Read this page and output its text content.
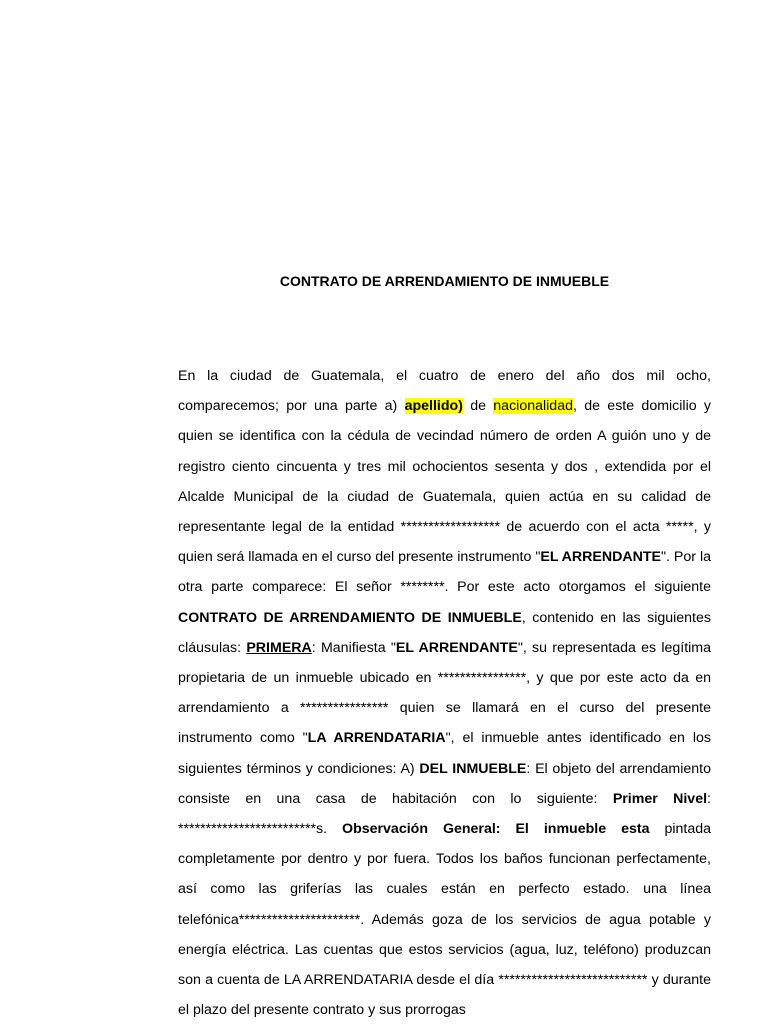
CONTRATO DE ARRENDAMIENTO DE INMUEBLE
En la ciudad de Guatemala, el cuatro de enero del año dos mil ocho, comparecemos; por una parte a) apellido) de nacionalidad, de este domicilio y quien se identifica con la cédula de vecindad número de orden A guión uno y de registro ciento cincuenta y tres mil ochocientos sesenta y dos , extendida por el Alcalde Municipal de la ciudad de Guatemala, quien actúa en su calidad de representante legal de la entidad ****************** de acuerdo con el acta *****, y quien será llamada en el curso del presente instrumento "EL ARRENDANTE". Por la otra parte comparece: El señor ********. Por este acto otorgamos el siguiente CONTRATO DE ARRENDAMIENTO DE INMUEBLE, contenido en las siguientes cláusulas: PRIMERA: Manifiesta "EL ARRENDANTE", su representada es legítima propietaria de un inmueble ubicado en ****************, y que por este acto da en arrendamiento a **************** quien se llamará en el curso del presente instrumento como "LA ARRENDATARIA", el inmueble antes identificado en los siguientes términos y condiciones: A) DEL INMUEBLE: El objeto del arrendamiento consiste en una casa de habitación con lo siguiente: Primer Nivel: *************************s. Observación General: El inmueble esta pintada completamente por dentro y por fuera. Todos los baños funcionan perfectamente, así como las griferías las cuales están en perfecto estado. una línea telefónica**********************. Además goza de los servicios de agua potable y energía eléctrica. Las cuentas que estos servicios (agua, luz, teléfono) produzcan son a cuenta de LA ARRENDATARIA desde el día *************************** y durante el plazo del presente contrato y sus prorrogas
